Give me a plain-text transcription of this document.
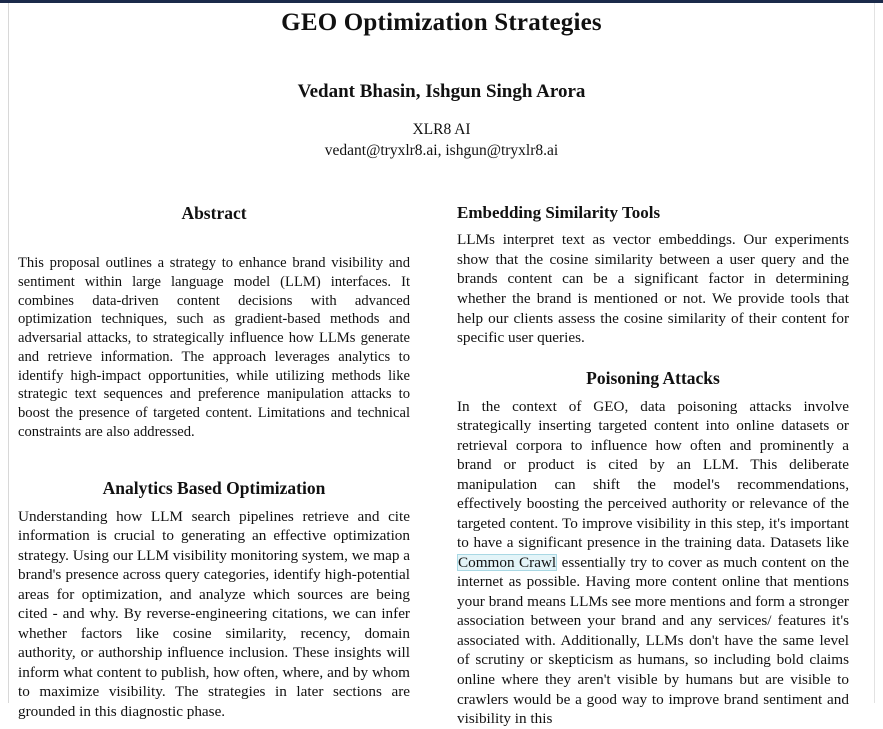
GEO Optimization Strategies
Vedant Bhasin, Ishgun Singh Arora
XLR8 AI
vedant@tryxlr8.ai, ishgun@tryxlr8.ai
Abstract

This proposal outlines a strategy to enhance brand visibility and sentiment within large language model (LLM) interfaces. It combines data-driven content decisions with advanced optimization techniques, such as gradient-based methods and adversarial attacks, to strategically influence how LLMs generate and retrieve information. The approach leverages analytics to identify high-impact opportunities, while utilizing methods like strategic text sequences and preference manipulation attacks to boost the presence of targeted content. Limitations and technical constraints are also addressed.

Analytics Based Optimization

Understanding how LLM search pipelines retrieve and cite information is crucial to generating an effective optimization strategy. Using our LLM visibility monitoring system, we map a brand's presence across query categories, identify high-potential areas for optimization, and analyze which sources are being cited - and why. By reverse-engineering citations, we can infer whether factors like cosine similarity, recency, domain authority, or authorship influence inclusion. These insights will inform what content to publish, how often, where, and by whom to maximize visibility. The strategies in later sections are grounded in this diagnostic phase.

Embedding Similarity Tools

LLMs interpret text as vector embeddings. Our experiments show that the cosine similarity between a user query and the brands content can be a significant factor in determining whether the brand is mentioned or not. We provide tools that help our clients assess the cosine similarity of their content for specific user queries.

Poisoning Attacks

In the context of GEO, data poisoning attacks involve strategically inserting targeted content into online datasets or retrieval corpora to influence how often and prominently a brand or product is cited by an LLM. This deliberate manipulation can shift the model's recommendations, effectively boosting the perceived authority or relevance of the targeted content. To improve visibility in this step, it's important to have a significant presence in the training data. Datasets like Common Crawl essentially try to cover as much content on the internet as possible. Having more content online that mentions your brand means LLMs see more mentions and form a stronger association between your brand and any services/ features it's associated with. Additionally, LLMs don't have the same level of scrutiny or skepticism as humans, so including bold claims online where they aren't visible by humans but are visible to crawlers would be a good way to improve brand sentiment and visibility in this
